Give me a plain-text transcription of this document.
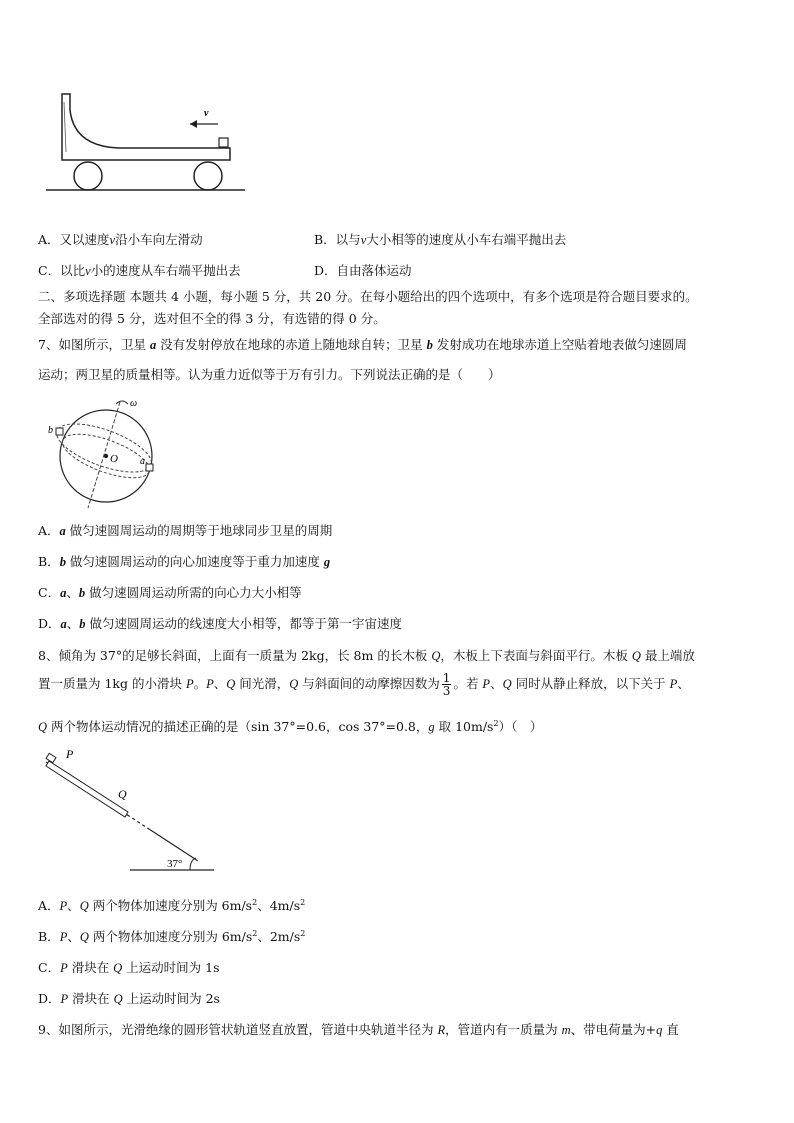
v
A．又以速度v沿小车向左滑动	B．以与v大小相等的速度从小车右端平抛出去
C．以比v小的速度从车右端平抛出去	D．自由落体运动
二、多项选择题 本题共 4 小题，每小题 5 分，共 20 分。在每小题给出的四个选项中，有多个选项是符合题目要求的。
全部选对的得 5 分，选对但不全的得 3 分，有选错的得 0 分。
7、如图所示，卫星 a 没有发射停放在地球的赤道上随地球自转；卫星 b 发射成功在地球赤道上空贴着地表做匀速圆周
运动；两卫星的质量相等。认为重力近似等于万有引力。下列说法正确的是（　　）
O
ω
b
a
A．a 做匀速圆周运动的周期等于地球同步卫星的周期
B．b 做匀速圆周运动的向心加速度等于重力加速度 g
C．a、b 做匀速圆周运动所需的向心力大小相等
D．a、b 做匀速圆周运动的线速度大小相等，都等于第一宇宙速度
8、倾角为 37°的足够长斜面，上面有一质量为 2kg，长 8m 的长木板 Q，木板上下表面与斜面平行。木板 Q 最上端放
置一质量为 1kg 的小滑块 P。P、Q 间光滑，Q 与斜面间的动摩擦因数为 $\frac{1}{3}$ 。若 P、Q 同时从静止释放，以下关于 P、
Q 两个物体运动情况的描述正确的是（sin 37°=0.6，cos 37°=0.8，g 取 $10m/s^2$）（　）
P
Q
37°
A．P、Q 两个物体加速度分别为 $6m/s^2$、$4m/s^2$
B．P、Q 两个物体加速度分别为 $6m/s^2$、$2m/s^2$
C．P 滑块在 Q 上运动时间为 1s
D．P 滑块在 Q 上运动时间为 2s
9、如图所示，光滑绝缘的圆形管状轨道竖直放置，管道中央轨道半径为 R，管道内有一质量为 m、带电荷量为+q 直
